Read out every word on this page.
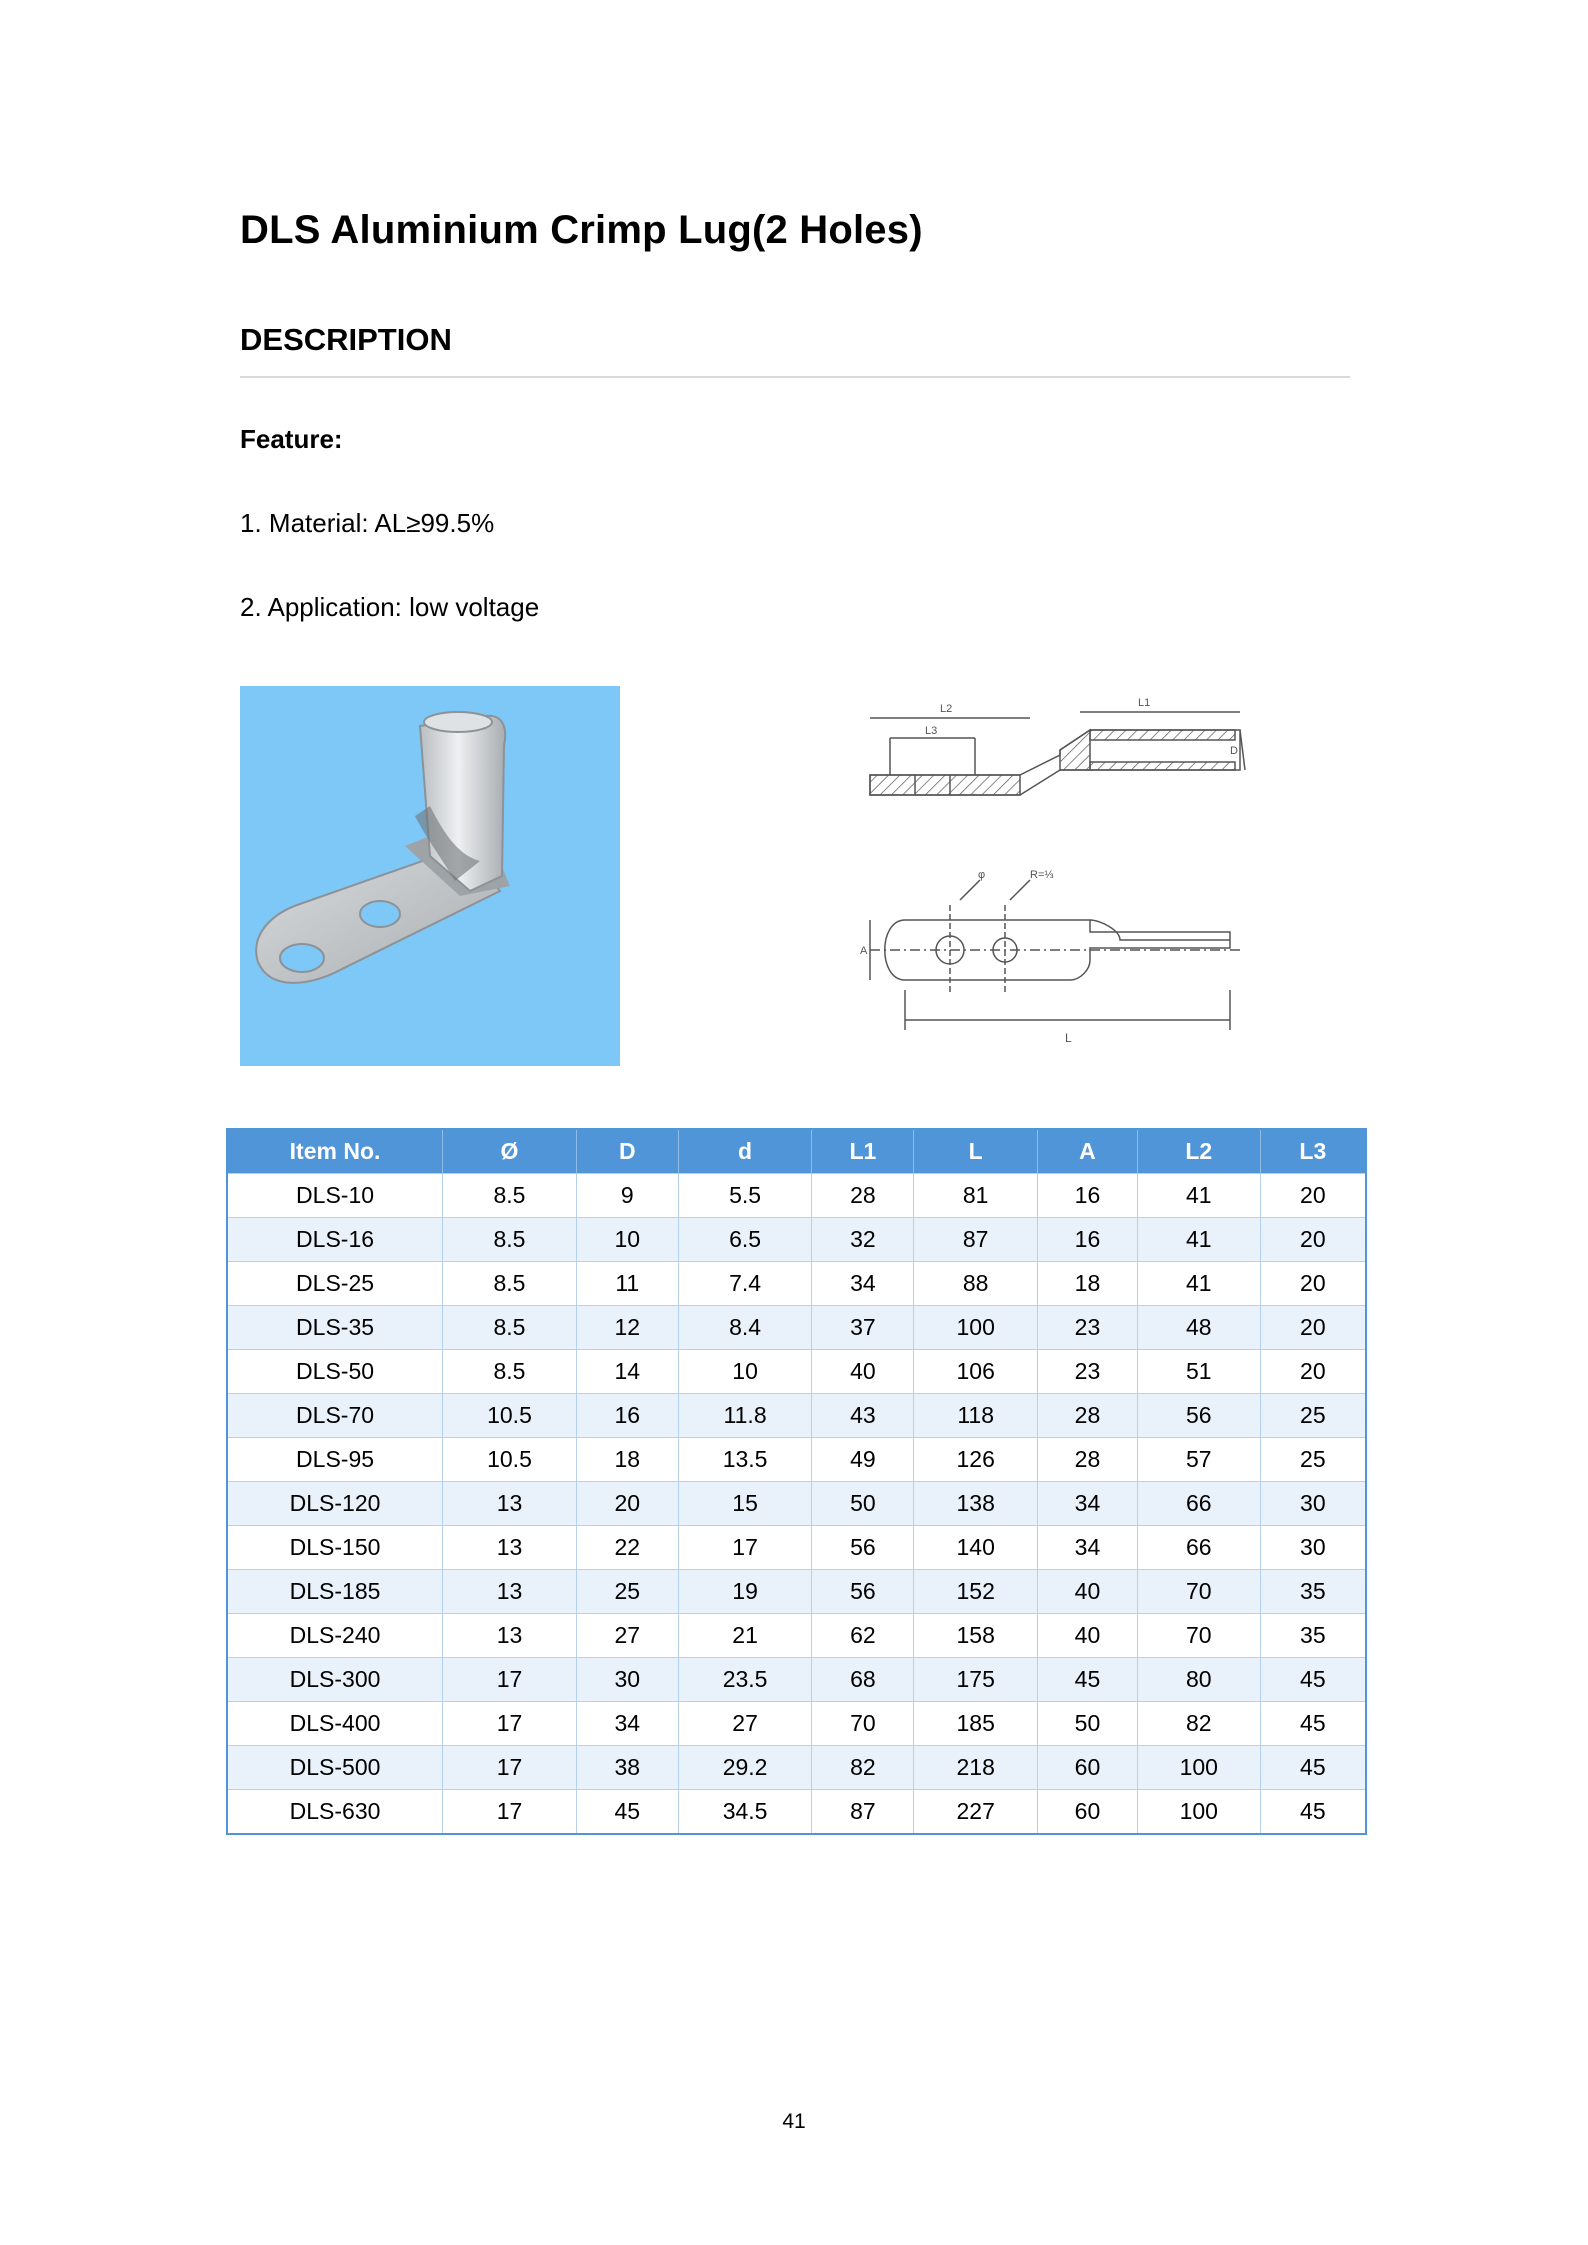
DLS Aluminium Crimp Lug(2 Holes)
DESCRIPTION

Feature:

1. Material: AL≥99.5%

2. Application: low voltage

L2
L3
L1
D
φ	R=⅓
A
L
Item No.	Ø	D	d	L1	L	A	L2	L3
DLS-10	8.5	9	5.5	28	81	16	41	20
DLS-16	8.5	10	6.5	32	87	16	41	20
DLS-25	8.5	11	7.4	34	88	18	41	20
DLS-35	8.5	12	8.4	37	100	23	48	20
DLS-50	8.5	14	10	40	106	23	51	20
DLS-70	10.5	16	11.8	43	118	28	56	25
DLS-95	10.5	18	13.5	49	126	28	57	25
DLS-120	13	20	15	50	138	34	66	30
DLS-150	13	22	17	56	140	34	66	30
DLS-185	13	25	19	56	152	40	70	35
DLS-240	13	27	21	62	158	40	70	35
DLS-300	17	30	23.5	68	175	45	80	45
DLS-400	17	34	27	70	185	50	82	45
DLS-500	17	38	29.2	82	218	60	100	45
DLS-630	17	45	34.5	87	227	60	100	45

41
